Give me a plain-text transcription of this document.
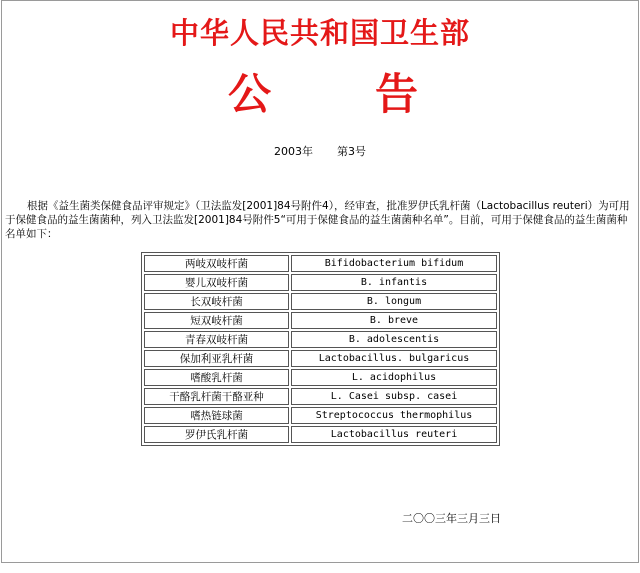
中华人民共和国卫生部
公 告
2003年 第3号

根据《益生菌类保健食品评审规定》（卫法监发[2001]84号附件4），经审查，批准罗伊氏乳杆菌（Lactobacillus reuteri）为可用于保健食品的益生菌菌种，列入卫法监发[2001]84号附件5“可用于保健食品的益生菌菌种名单”。目前，可用于保健食品的益生菌菌种名单如下：

两岐双岐杆菌	Bifidobacterium bifidum
婴儿双岐杆菌	B. infantis
长双岐杆菌	B. longum
短双岐杆菌	B. breve
青春双岐杆菌	B. adolescentis
保加利亚乳杆菌	Lactobacillus. bulgaricus
嗜酸乳杆菌	L. acidophilus
干酪乳杆菌干酪亚种	L. Casei subsp. casei
嗜热链球菌	Streptococcus thermophilus
罗伊氏乳杆菌	Lactobacillus reuteri
二〇〇三年三月三日
